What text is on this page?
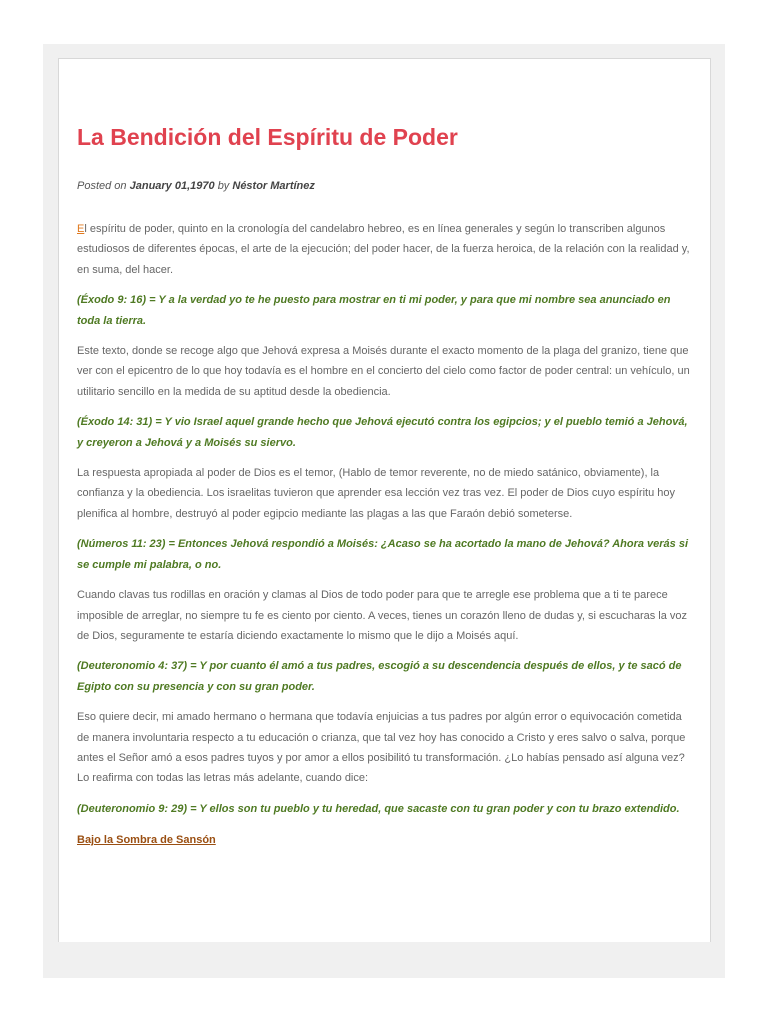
La Bendición del Espíritu de Poder

Posted on January 01,1970 by Néstor Martínez

El espíritu de poder, quinto en la cronología del candelabro hebreo, es en línea generales y según lo transcriben algunos estudiosos de diferentes épocas, el arte de la ejecución; del poder hacer, de la fuerza heroica, de la relación con la realidad y, en suma, del hacer.

(Éxodo 9: 16) = Y a la verdad yo te he puesto para mostrar en ti mi poder, y para que mi nombre sea anunciado en toda la tierra.

Este texto, donde se recoge algo que Jehová expresa a Moisés durante el exacto momento de la plaga del granizo, tiene que ver con el epicentro de lo que hoy todavía es el hombre en el concierto del cielo como factor de poder central: un vehículo, un utilitario sencillo en la medida de su aptitud desde la obediencia.

(Éxodo 14: 31) = Y vio Israel aquel grande hecho que Jehová ejecutó contra los egipcios; y el pueblo temió a Jehová, y creyeron a Jehová y a Moisés su siervo.

La respuesta apropiada al poder de Dios es el temor, (Hablo de temor reverente, no de miedo satánico, obviamente), la confianza y la obediencia. Los israelitas tuvieron que aprender esa lección vez tras vez. El poder de Dios cuyo espíritu hoy plenifica al hombre, destruyó al poder egipcio mediante las plagas a las que Faraón debió someterse.

(Números 11: 23) = Entonces Jehová respondió a Moisés: ¿Acaso se ha acortado la mano de Jehová? Ahora verás si se cumple mi palabra, o no.

Cuando clavas tus rodillas en oración y clamas al Dios de todo poder para que te arregle ese problema que a ti te parece imposible de arreglar, no siempre tu fe es ciento por ciento. A veces, tienes un corazón lleno de dudas y, si escucharas la voz de Dios, seguramente te estaría diciendo exactamente lo mismo que le dijo a Moisés aquí.

(Deuteronomio 4: 37) = Y por cuanto él amó a tus padres, escogió a su descendencia después de ellos, y te sacó de Egipto con su presencia y con su gran poder.

Eso quiere decir, mi amado hermano o hermana que todavía enjuicias a tus padres por algún error o equivocación cometida de manera involuntaria respecto a tu educación o crianza, que tal vez hoy has conocido a Cristo y eres salvo o salva, porque antes el Señor amó a esos padres tuyos y por amor a ellos posibilitó tu transformación. ¿Lo habías pensado así alguna vez? Lo reafirma con todas las letras más adelante, cuando dice:

(Deuteronomio 9: 29) = Y ellos son tu pueblo y tu heredad, que sacaste con tu gran poder y con tu brazo extendido.

Bajo la Sombra de Sansón
